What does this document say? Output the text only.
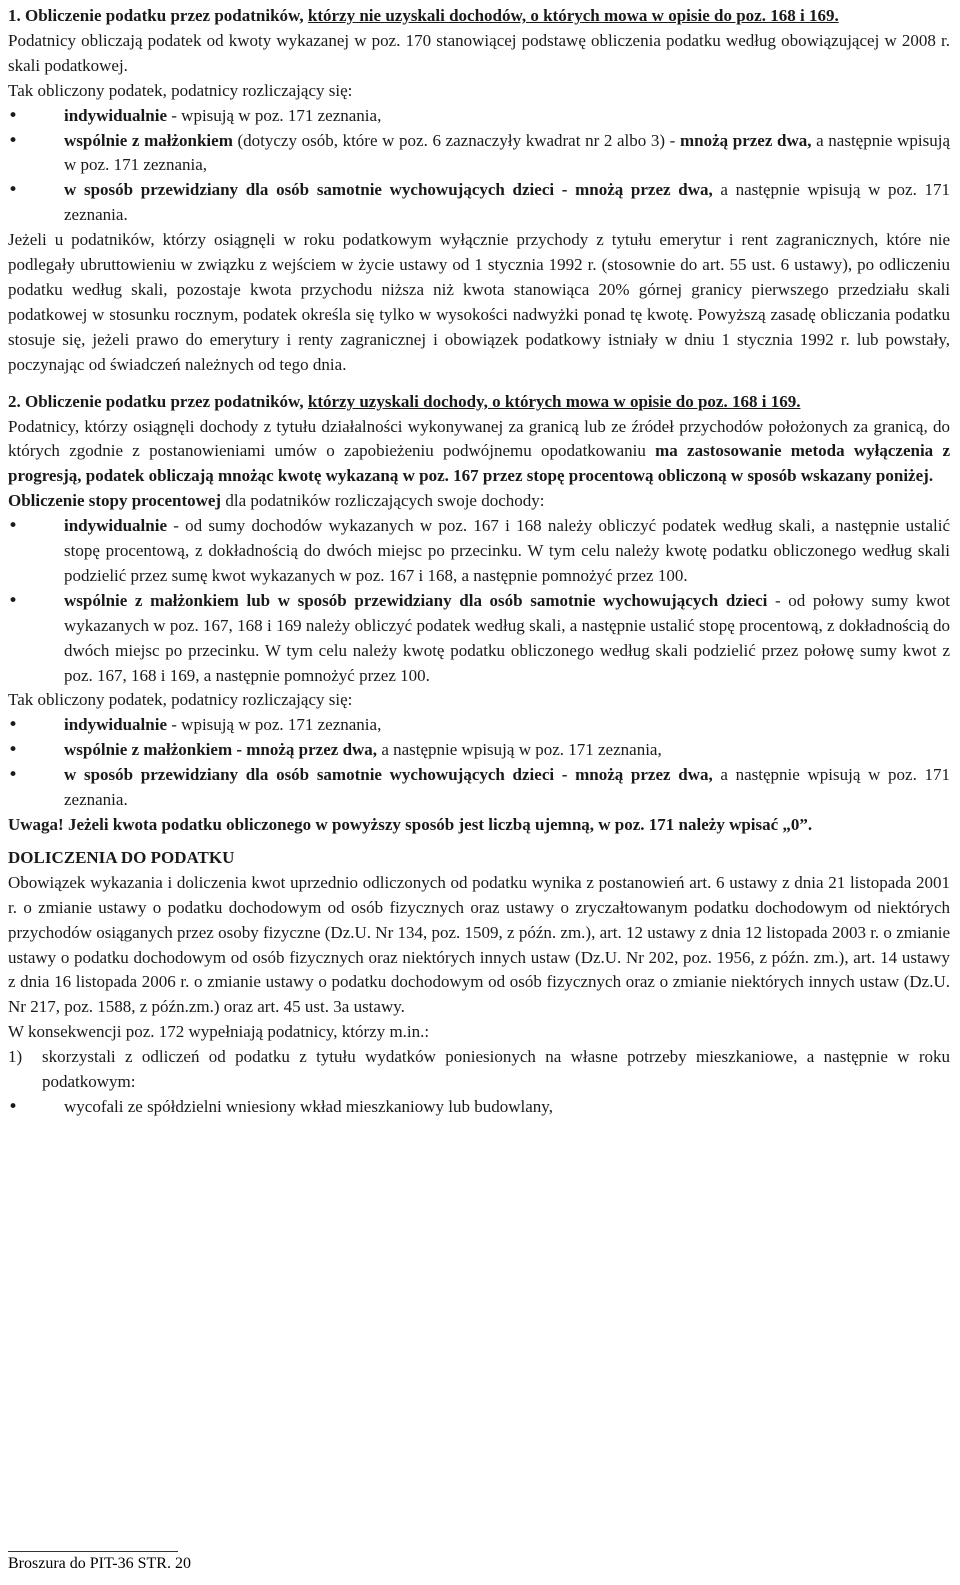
1. Obliczenie podatku przez podatników, którzy nie uzyskali dochodów, o których mowa w opisie do poz. 168 i 169.

Podatnicy obliczają podatek od kwoty wykazanej w poz. 170 stanowiącej podstawę obliczenia podatku według obowiązującej w 2008 r. skali podatkowej.

Tak obliczony podatek, podatnicy rozliczający się:

• indywidualnie - wpisują w poz. 171 zeznania,
• wspólnie z małżonkiem (dotyczy osób, które w poz. 6 zaznaczyły kwadrat nr 2 albo 3) - mnożą przez dwa, a następnie wpisują w poz. 171 zeznania,
• w sposób przewidziany dla osób samotnie wychowujących dzieci - mnożą przez dwa, a następnie wpisują w poz. 171 zeznania.

Jeżeli u podatników, którzy osiągnęli w roku podatkowym wyłącznie przychody z tytułu emerytur i rent zagranicznych, które nie podlegały ubruttowieniu w związku z wejściem w życie ustawy od 1 stycznia 1992 r. (stosownie do art. 55 ust. 6 ustawy), po odliczeniu podatku według skali, pozostaje kwota przychodu niższa niż kwota stanowiąca 20% górnej granicy pierwszego przedziału skali podatkowej w stosunku rocznym, podatek określa się tylko w wysokości nadwyżki ponad tę kwotę. Powyższą zasadę obliczania podatku stosuje się, jeżeli prawo do emerytury i renty zagranicznej i obowiązek podatkowy istniały w dniu 1 stycznia 1992 r. lub powstały, poczynając od świadczeń należnych od tego dnia.

2. Obliczenie podatku przez podatników, którzy uzyskali dochody, o których mowa w opisie do poz. 168 i 169.

Podatnicy, którzy osiągnęli dochody z tytułu działalności wykonywanej za granicą lub ze źródeł przychodów położonych za granicą, do których zgodnie z postanowieniami umów o zapobieżeniu podwójnemu opodatkowaniu ma zastosowanie metoda wyłączenia z progresją, podatek obliczają mnożąc kwotę wykazaną w poz. 167 przez stopę procentową obliczoną w sposób wskazany poniżej.

Obliczenie stopy procentowej dla podatników rozliczających swoje dochody:

• indywidualnie - od sumy dochodów wykazanych w poz. 167 i 168 należy obliczyć podatek według skali, a następnie ustalić stopę procentową, z dokładnością do dwóch miejsc po przecinku. W tym celu należy kwotę podatku obliczonego według skali podzielić przez sumę kwot wykazanych w poz. 167 i 168, a następnie pomnożyć przez 100.
• wspólnie z małżonkiem lub w sposób przewidziany dla osób samotnie wychowujących dzieci - od połowy sumy kwot wykazanych w poz. 167, 168 i 169 należy obliczyć podatek według skali, a następnie ustalić stopę procentową, z dokładnością do dwóch miejsc po przecinku. W tym celu należy kwotę podatku obliczonego według skali podzielić przez połowę sumy kwot z poz. 167, 168 i 169, a następnie pomnożyć przez 100.

Tak obliczony podatek, podatnicy rozliczający się:

• indywidualnie - wpisują w poz. 171 zeznania,
• wspólnie z małżonkiem - mnożą przez dwa, a następnie wpisują w poz. 171 zeznania,
• w sposób przewidziany dla osób samotnie wychowujących dzieci - mnożą przez dwa, a następnie wpisują w poz. 171 zeznania.

Uwaga! Jeżeli kwota podatku obliczonego w powyższy sposób jest liczbą ujemną, w poz. 171 należy wpisać „0”.

DOLICZENIA DO PODATKU

Obowiązek wykazania i doliczenia kwot uprzednio odliczonych od podatku wynika z postanowień art. 6 ustawy z dnia 21 listopada 2001 r. o zmianie ustawy o podatku dochodowym od osób fizycznych oraz ustawy o zryczałtowanym podatku dochodowym od niektórych przychodów osiąganych przez osoby fizyczne (Dz.U. Nr 134, poz. 1509, z późn. zm.), art. 12 ustawy z dnia 12 listopada 2003 r. o zmianie ustawy o podatku dochodowym od osób fizycznych oraz niektórych innych ustaw (Dz.U. Nr 202, poz. 1956, z późn. zm.), art. 14 ustawy z dnia 16 listopada 2006 r. o zmianie ustawy o podatku dochodowym od osób fizycznych oraz o zmianie niektórych innych ustaw (Dz.U. Nr 217, poz. 1588, z późn.zm.) oraz art. 45 ust. 3a ustawy.

W konsekwencji poz. 172 wypełniają podatnicy, którzy m.in.:

1) skorzystali z odliczeń od podatku z tytułu wydatków poniesionych na własne potrzeby mieszkaniowe, a następnie w roku podatkowym:
• wycofali ze spółdzielni wniesiony wkład mieszkaniowy lub budowlany,
Broszura do PIT-36 STR. 20
